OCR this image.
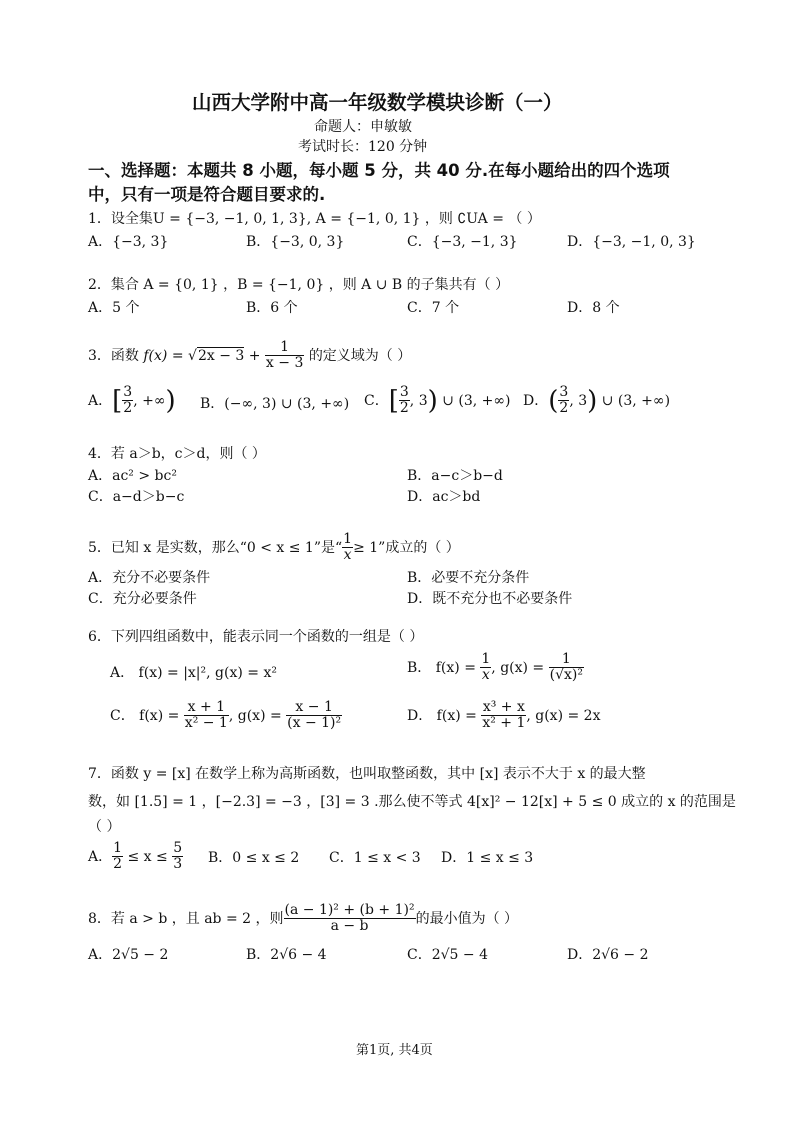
山西大学附中高一年级数学模块诊断（一）
命题人：申敏敏
考试时长：120 分钟
一、选择题：本题共 8 小题，每小题 5 分，共 40 分.在每小题给出的四个选项
中，只有一项是符合题目要求的.
1．设全集U = {−3, −1, 0, 1, 3}, A = {−1, 0, 1} ，则 ∁UA = （ ）
A．{−3, 3}	B．{−3, 0, 3}	C．{−3, −1, 3}	D．{−3, −1, 0, 3}
2．集合 A = {0, 1} ，B = {−1, 0} ，则 A ∪ B 的子集共有（ ）
A．5 个	B．6 个	C．7 个	D．8 个
3．函数 $f(x) = √2x - 3 + \frac{1}{x - 3}$ 的定义域为（ ）
A．[ $\frac{3}{2}$ , +∞) B．(−∞, 3) ∪ (3, +∞) C．[ $\frac{3}{2}$ , 3) ∪ (3, +∞) D．( $\frac{3}{2}$ , 3) ∪ (3, +∞)
4．若 a＞b，c＞d，则（ ）
A．ac² > bc²	B．a−c＞b−d
C．a−d＞b−c	D．ac＞bd
5．已知 x 是实数，那么“0 < x ≤ 1”是“ $\frac{1}{x} \ge 1$”成立的（ ）
A．充分不必要条件	B．必要不充分条件
C．充分必要条件	D．既不充分也不必要条件
6．下列四组函数中，能表示同一个函数的一组是（ ）
A． f(x) = |x|², g(x) = x²	B． $f(x) = \frac{1}{x}$ , $g(x) = \frac{1}{\text{(√x)²}}$
C． $f(x) = \frac{x + 1}{\text{x² − 1}}$ , $g(x) = \frac{x - 1}{\text{(x − 1)²}}$	D． $f(x) = \frac{\text{x³ + x}}{\text{x² + 1}}$ , g(x) = 2x
7．函数 y = [x] 在数学上称为高斯函数，也叫取整函数，其中 [x] 表示不大于 x 的最大整
数，如 [1.5] = 1 ，[−2.3] = −3 ，[3] = 3 .那么使不等式 4[x]² − 12[x] + 5 ≤ 0 成立的 x 的范围是
（ ）
A． $\frac{1}{2} \le x \le \frac{5}{3}$ B．0 ≤ x ≤ 2 C．1 ≤ x < 3 D．1 ≤ x ≤ 3
8．若 a > b ，且 ab = 2 ，则 $\frac{\text{(a − 1)² + (b + 1)²}}{a - b}$ 的最小值为（ ）
A．2√5 − 2	B．2√6 − 4	C．2√5 − 4	D．2√6 − 2
第1页, 共4页
